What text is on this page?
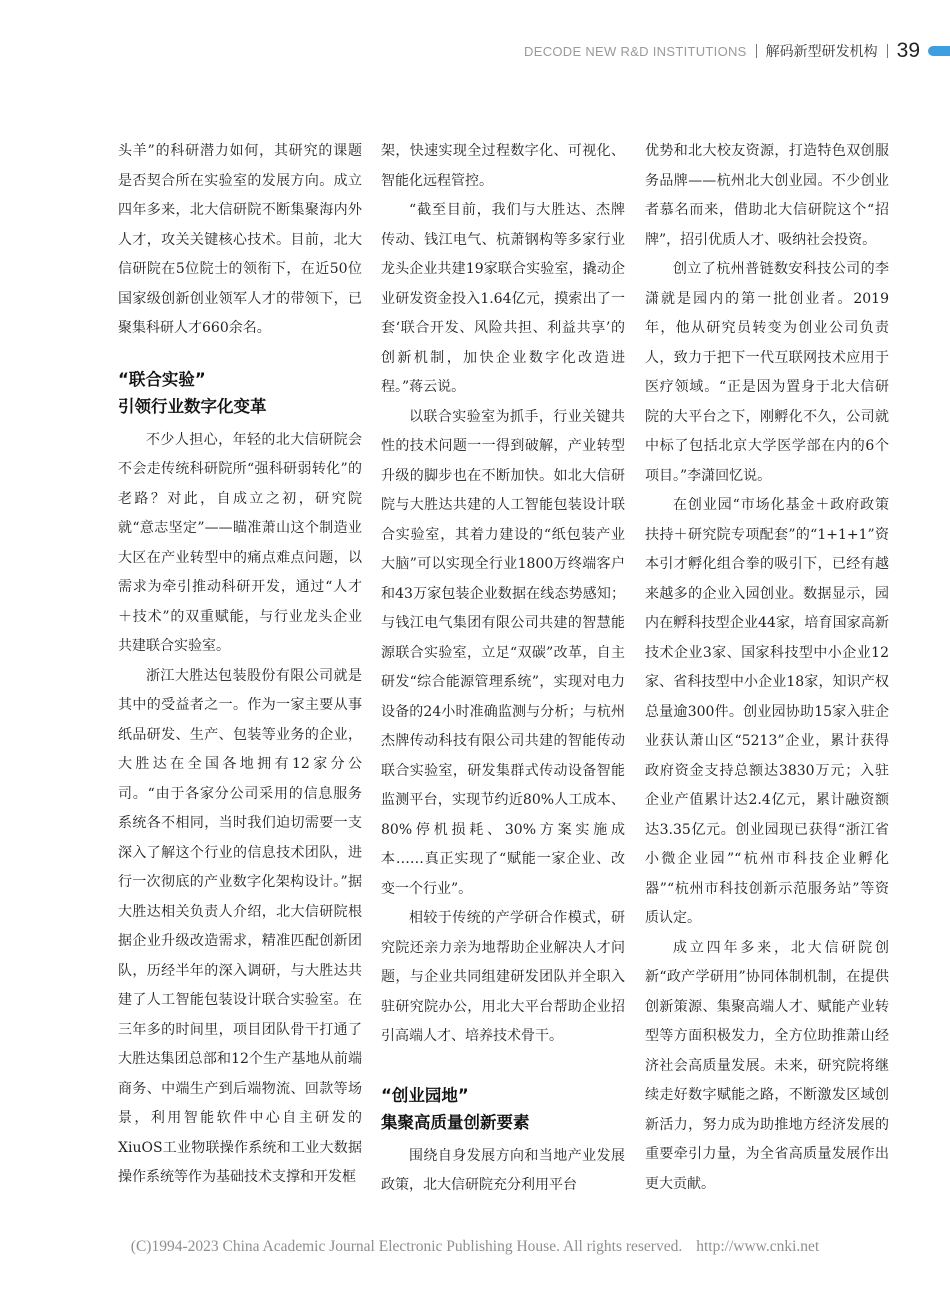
DECODE NEW R&D INSTITUTIONS 解码新型研发机构 39

头羊”的科研潜力如何，其研究的课题是否契合所在实验室的发展方向。成立四年多来，北大信研院不断集聚海内外人才，攻关关键核心技术。目前，北大信研院在5位院士的领衔下，在近50位国家级创新创业领军人才的带领下，已聚集科研人才660余名。

“联合实验”
引领行业数字化变革

不少人担心，年轻的北大信研院会不会走传统科研院所“强科研弱转化”的老路？对此，自成立之初，研究院就“意志坚定”——瞄准萧山这个制造业大区在产业转型中的痛点难点问题，以需求为牵引推动科研开发，通过“人才＋技术”的双重赋能，与行业龙头企业共建联合实验室。

浙江大胜达包装股份有限公司就是其中的受益者之一。作为一家主要从事纸品研发、生产、包装等业务的企业，大胜达在全国各地拥有12家分公司。“由于各家分公司采用的信息服务系统各不相同，当时我们迫切需要一支深入了解这个行业的信息技术团队，进行一次彻底的产业数字化架构设计。”据大胜达相关负责人介绍，北大信研院根据企业升级改造需求，精准匹配创新团队，历经半年的深入调研，与大胜达共建了人工智能包装设计联合实验室。在三年多的时间里，项目团队骨干打通了大胜达集团总部和12个生产基地从前端商务、中端生产到后端物流、回款等场景，利用智能软件中心自主研发的XiuOS工业物联操作系统和工业大数据操作系统等作为基础技术支撑和开发框

架，快速实现全过程数字化、可视化、智能化远程管控。

“截至目前，我们与大胜达、杰牌传动、钱江电气、杭萧钢构等多家行业龙头企业共建19家联合实验室，撬动企业研发资金投入1.64亿元，摸索出了一套‘联合开发、风险共担、利益共享’的创新机制，加快企业数字化改造进程。”蒋云说。

以联合实验室为抓手，行业关键共性的技术问题一一得到破解，产业转型升级的脚步也在不断加快。如北大信研院与大胜达共建的人工智能包装设计联合实验室，其着力建设的“纸包装产业大脑”可以实现全行业1800万终端客户和43万家包装企业数据在线态势感知；与钱江电气集团有限公司共建的智慧能源联合实验室，立足“双碳”改革，自主研发“综合能源管理系统”，实现对电力设备的24小时准确监测与分析；与杭州杰牌传动科技有限公司共建的智能传动联合实验室，研发集群式传动设备智能监测平台，实现节约近80%人工成本、80%停机损耗、30%方案实施成本……真正实现了“赋能一家企业、改变一个行业”。

相较于传统的产学研合作模式，研究院还亲力亲为地帮助企业解决人才问题，与企业共同组建研发团队并全职入驻研究院办公，用北大平台帮助企业招引高端人才、培养技术骨干。

“创业园地”
集聚高质量创新要素

围绕自身发展方向和当地产业发展政策，北大信研院充分利用平台

优势和北大校友资源，打造特色双创服务品牌——杭州北大创业园。不少创业者慕名而来，借助北大信研院这个“招牌”，招引优质人才、吸纳社会投资。

创立了杭州普链数安科技公司的李潇就是园内的第一批创业者。2019年，他从研究员转变为创业公司负责人，致力于把下一代互联网技术应用于医疗领域。“正是因为置身于北大信研院的大平台之下，刚孵化不久，公司就中标了包括北京大学医学部在内的6个项目。”李潇回忆说。

在创业园“市场化基金＋政府政策扶持＋研究院专项配套”的“1+1+1”资本引才孵化组合拳的吸引下，已经有越来越多的企业入园创业。数据显示，园内在孵科技型企业44家，培育国家高新技术企业3家、国家科技型中小企业12家、省科技型中小企业18家，知识产权总量逾300件。创业园协助15家入驻企业获认萧山区“5213”企业，累计获得政府资金支持总额达3830万元；入驻企业产值累计达2.4亿元，累计融资额达3.35亿元。创业园现已获得“浙江省小微企业园”“杭州市科技企业孵化器”“杭州市科技创新示范服务站”等资质认定。

成立四年多来，北大信研院创新“政产学研用”协同体制机制，在提供创新策源、集聚高端人才、赋能产业转型等方面积极发力，全方位助推萧山经济社会高质量发展。未来，研究院将继续走好数字赋能之路，不断激发区域创新活力，努力成为助推地方经济发展的重要牵引力量，为全省高质量发展作出更大贡献。

(C)1994-2023 China Academic Journal Electronic Publishing House. All rights reserved. http://www.cnki.net
